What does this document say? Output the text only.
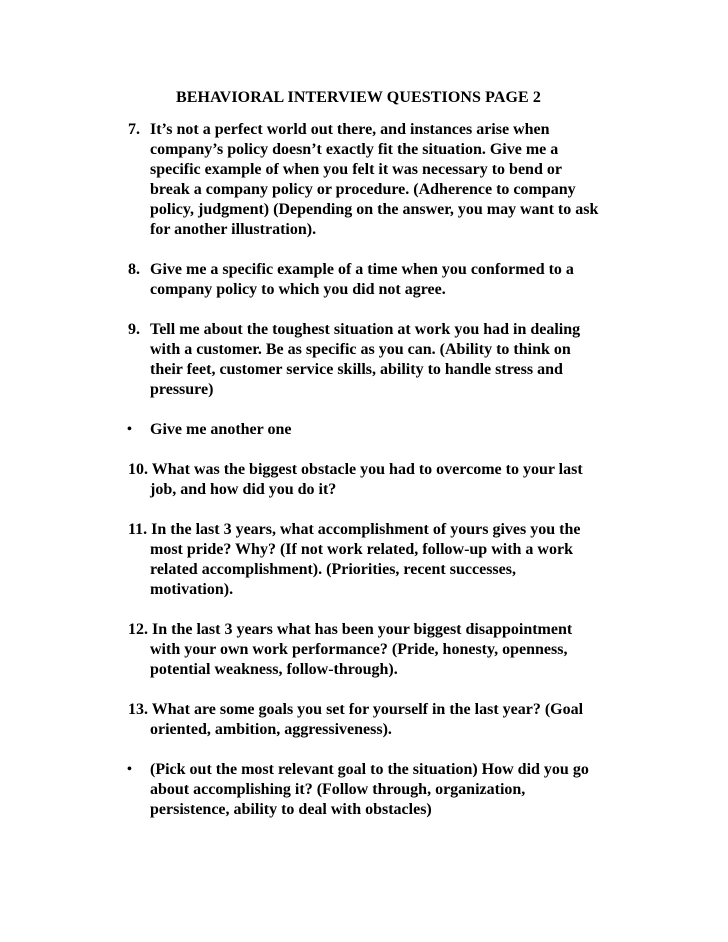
BEHAVIORAL INTERVIEW QUESTIONS PAGE 2
7. It’s not a perfect world out there, and instances arise when
company’s policy doesn’t exactly fit the situation. Give me a
specific example of when you felt it was necessary to bend or
break a company policy or procedure. (Adherence to company
policy, judgment) (Depending on the answer, you may want to ask
for another illustration).
8. Give me a specific example of a time when you conformed to a
company policy to which you did not agree.
9. Tell me about the toughest situation at work you had in dealing
with a customer. Be as specific as you can. (Ability to think on
their feet, customer service skills, ability to handle stress and
pressure)
• Give me another one
10. What was the biggest obstacle you had to overcome to your last
job, and how did you do it?
11. In the last 3 years, what accomplishment of yours gives you the
most pride? Why? (If not work related, follow-up with a work
related accomplishment). (Priorities, recent successes,
motivation).
12. In the last 3 years what has been your biggest disappointment
with your own work performance? (Pride, honesty, openness,
potential weakness, follow-through).
13. What are some goals you set for yourself in the last year? (Goal
oriented, ambition, aggressiveness).
• (Pick out the most relevant goal to the situation) How did you go
about accomplishing it? (Follow through, organization,
persistence, ability to deal with obstacles)
